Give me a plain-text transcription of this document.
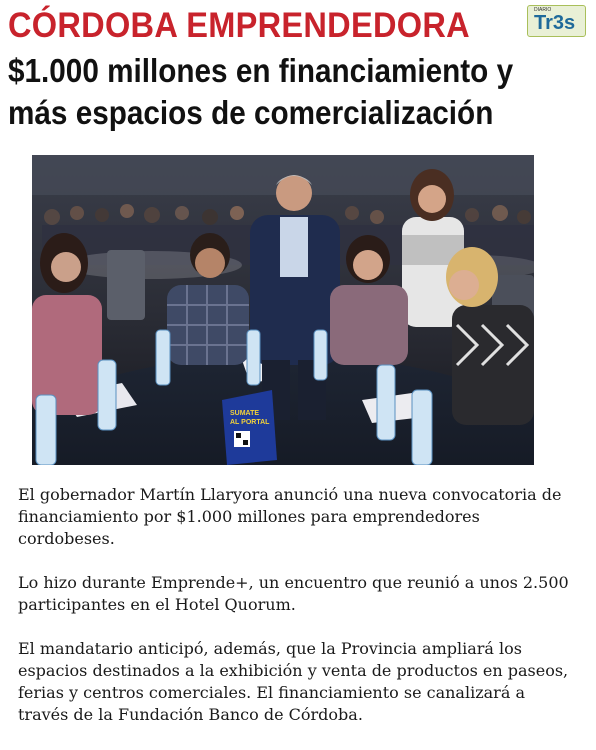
CÓRDOBA EMPRENDEDORA	DIARIO
Tr3s
$1.000 millones en financiamiento y
más espacios de comercialización
SUMATE
AL PORTAL

El gobernador Martín Llaryora anunció una nueva convocatoria de financiamiento por $1.000 millones para emprendedores cordobeses.

Lo hizo durante Emprende+, un encuentro que reunió a unos 2.500 participantes en el Hotel Quorum.

El mandatario anticipó, además, que la Provincia ampliará los espacios destinados a la exhibición y venta de productos en paseos, ferias y centros comerciales. El financiamiento se canalizará a través de la Fundación Banco de Córdoba.
